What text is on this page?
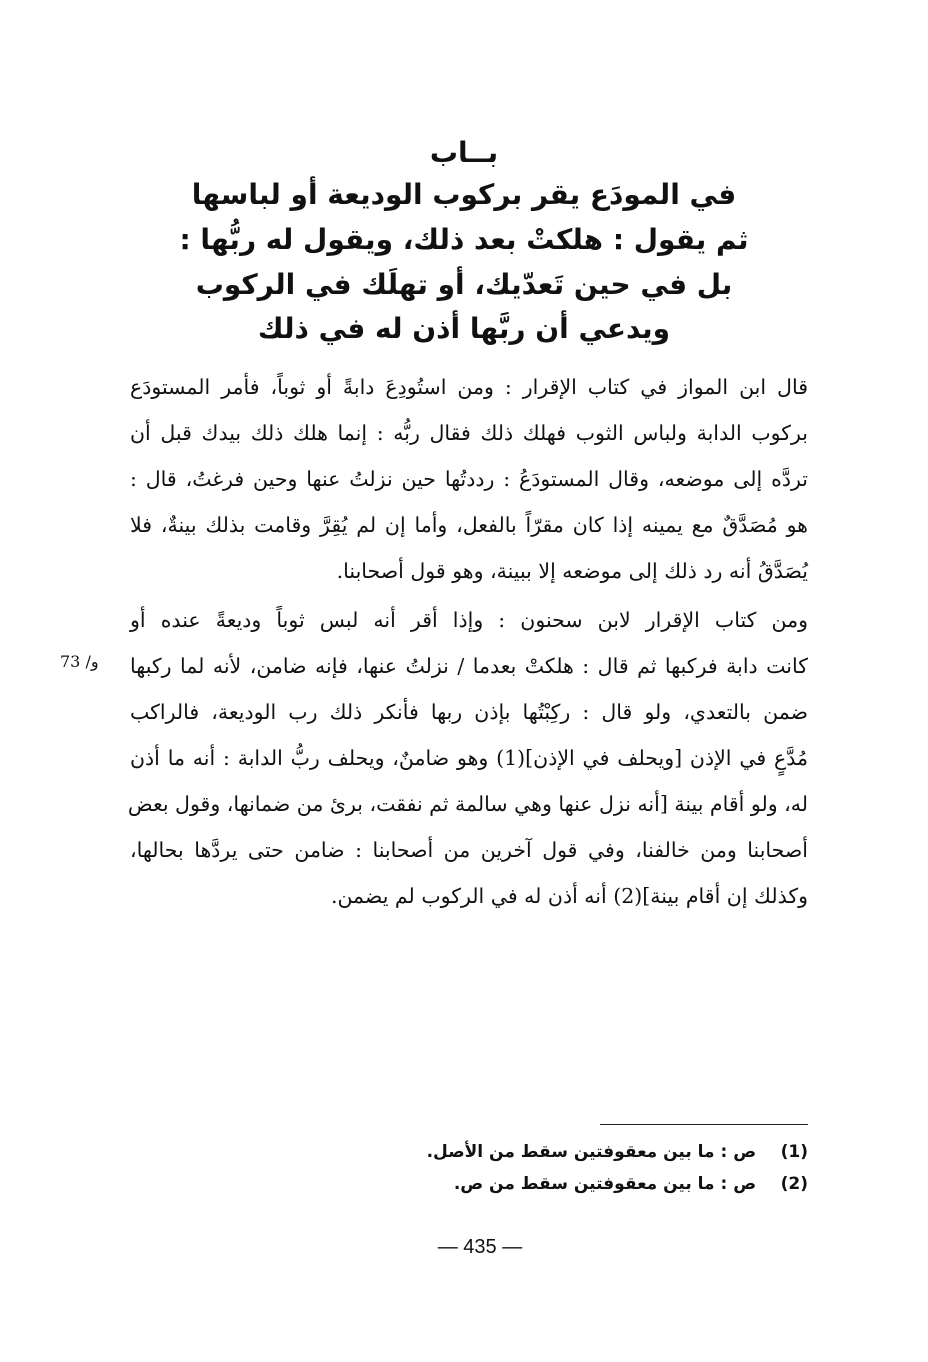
بــاب
في المودَع يقر بركوب الوديعة أو لباسها
ثم يقول : هلكتْ بعد ذلك، ويقول له ربُّها :
بل في حين تَعدّيك، أو تهلَك في الركوب
ويدعي أن ربَّها أذن له في ذلك
قال ابن المواز في كتاب الإقرار : ومن استُودِعَ دابةً أو ثوباً، فأمر المستودَع
بركوب الدابة ولباس الثوب فهلك ذلك فقال ربُّه : إنما هلك ذلك بيدك قبل أن
تردَّه إلى موضعه، وقال المستودَعُ : رددتُها حين نزلتُ عنها وحين فرغتُ، قال :
هو مُصَدَّقٌ مع يمينه إذا كان مقرّاً بالفعل، وأما إن لم يُقِرَّ وقامت بذلك بينةٌ، فلا
يُصَدَّقُ أنه رد ذلك إلى موضعه إلا ببينة، وهو قول أصحابنا.
ومن كتاب الإقرار لابن سحنون : وإذا أقر أنه لبس ثوباً وديعةً عنده أو
كانت دابة فركبها ثم قال : هلكتْ بعدما / نزلتُ عنها، فإنه ضامن، لأنه لما ركبها
ضمن بالتعدي، ولو قال : ركِبْتُها بإذن ربها فأنكر ذلك رب الوديعة، فالراكب
مُدَّعٍ في الإذن [ويحلف في الإذن](1) وهو ضامنٌ، ويحلف ربُّ الدابة : أنه ما أذن
له، ولو أقام بينة [أنه نزل عنها وهي سالمة ثم نفقت، برئ من ضمانها، وقول بعض
أصحابنا ومن خالفنا، وفي قول آخرين من أصحابنا : ضامن حتى يردَّها بحالها،
وكذلك إن أقام بينة](2) أنه أذن له في الركوب لم يضمن.
73 /و
(1) ص : ما بين معقوفتين سقط من الأصل.
(2) ص : ما بين معقوفتين سقط من ص.
— 435 —
